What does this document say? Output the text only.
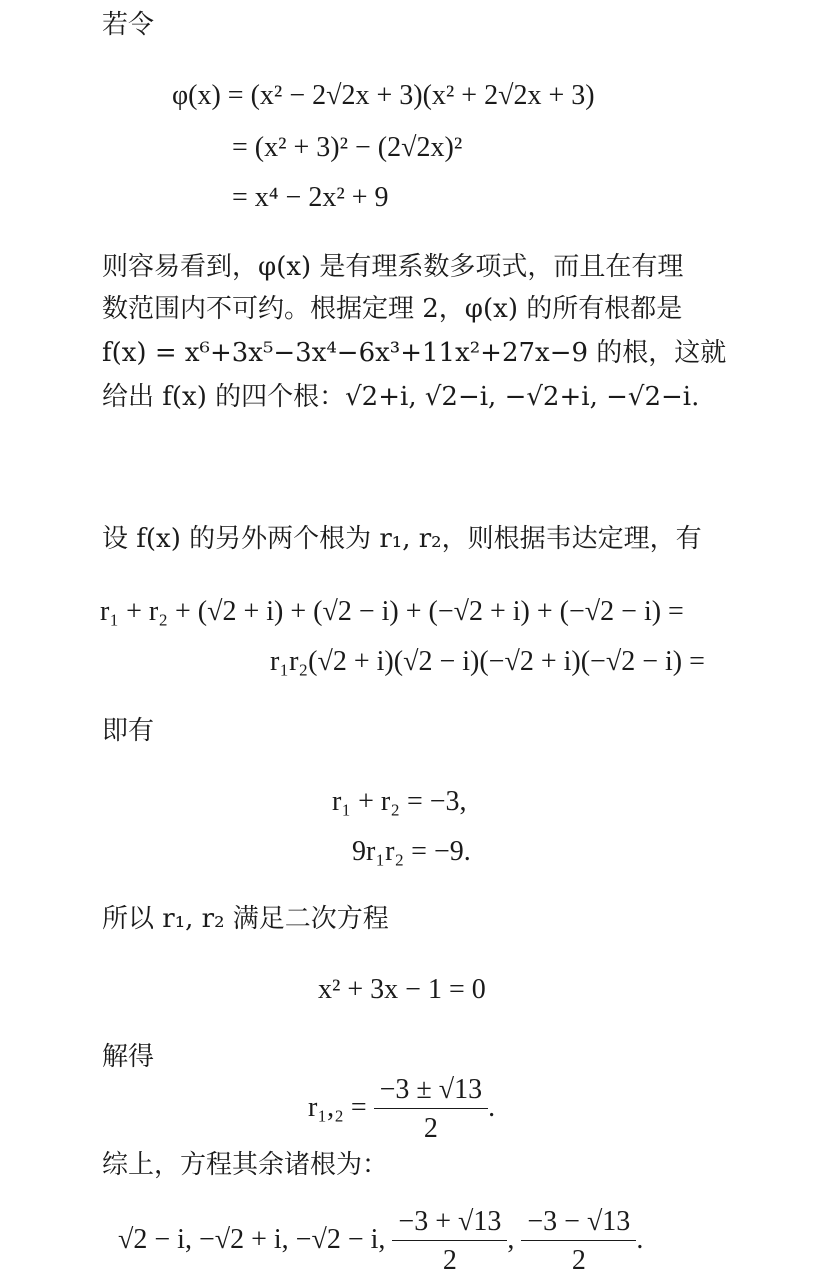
若令
φ(x) = (x² − 2√2x + 3)(x² + 2√2x + 3)
= (x² + 3)² − (2√2x)²
= x⁴ − 2x² + 9
则容易看到，φ(x) 是有理系数多项式，而且在有理
数范围内不可约。根据定理 2，φ(x) 的所有根都是
f(x) = x⁶+3x⁵−3x⁴−6x³+11x²+27x−9 的根，这就
给出 f(x) 的四个根：√2+i, √2−i, −√2+i, −√2−i.
设 f(x) 的另外两个根为 r₁, r₂，则根据韦达定理，有
r₁ + r₂ + (√2 + i) + (√2 − i) + (−√2 + i) + (−√2 − i) =
r₁r₂(√2 + i)(√2 − i)(−√2 + i)(−√2 − i) =
即有
r₁ + r₂ = −3,
9r₁r₂ = −9.
所以 r₁, r₂ 满足二次方程
x² + 3x − 1 = 0
解得
$r_1,_2 = \frac{-3 \pm √13}{2}$ .
综上，方程其余诸根为：
√2 − i, −√2 + i, −√2 − i, $\frac{-3 + √13}{2}$ , $\frac{-3 - √13}{2}$ .
